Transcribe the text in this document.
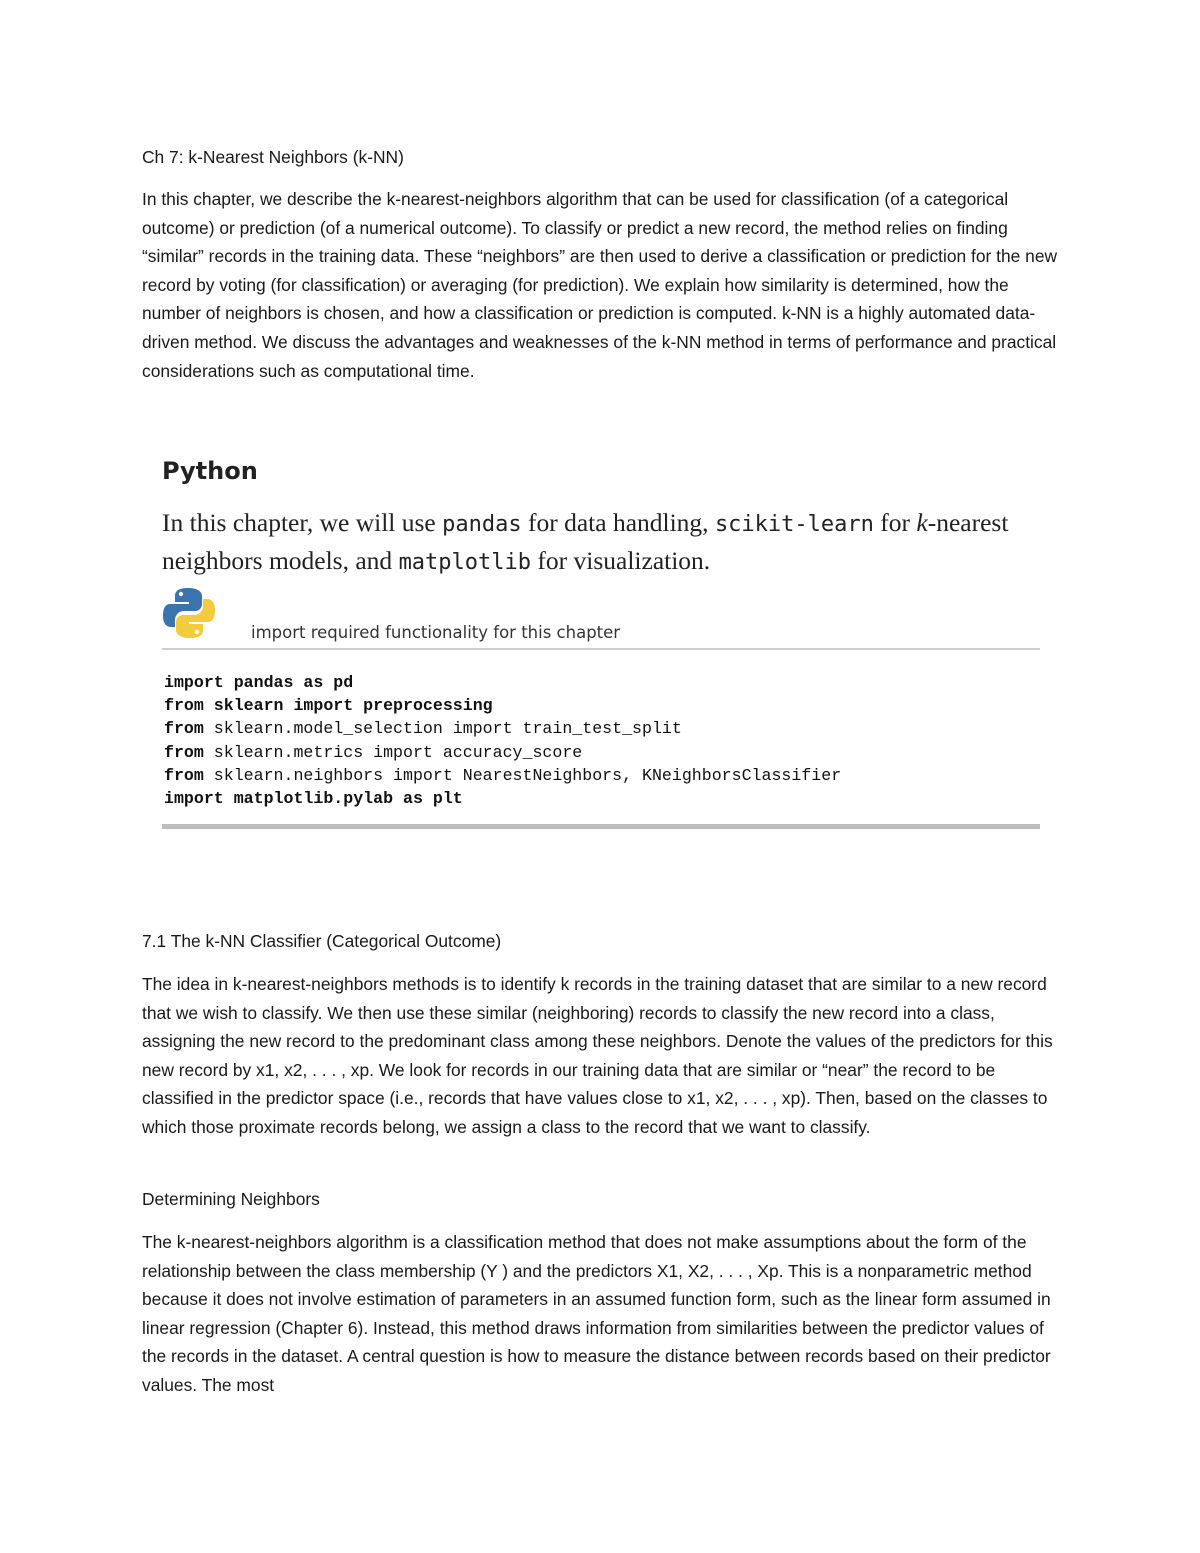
Ch 7: k-Nearest Neighbors (k-NN)

In this chapter, we describe the k-nearest-neighbors algorithm that can be used for classification (of a categorical outcome) or prediction (of a numerical outcome). To classify or predict a new record, the method relies on finding “similar” records in the training data. These “neighbors” are then used to derive a classification or prediction for the new record by voting (for classification) or averaging (for prediction). We explain how similarity is determined, how the number of neighbors is chosen, and how a classification or prediction is computed. k-NN is a highly automated data-driven method. We discuss the advantages and weaknesses of the k-NN method in terms of performance and practical considerations such as computational time.

Python

In this chapter, we will use pandas for data handling, scikit-learn for k-nearest neighbors models, and matplotlib for visualization.

import required functionality for this chapter

import pandas as pd
from sklearn import preprocessing
from sklearn.model_selection import train_test_split
from sklearn.metrics import accuracy_score
from sklearn.neighbors import NearestNeighbors, KNeighborsClassifier
import matplotlib.pylab as plt

7.1 The k-NN Classifier (Categorical Outcome)

The idea in k-nearest-neighbors methods is to identify k records in the training dataset that are similar to a new record that we wish to classify. We then use these similar (neighboring) records to classify the new record into a class, assigning the new record to the predominant class among these neighbors. Denote the values of the predictors for this new record by x1, x2, . . . , xp. We look for records in our training data that are similar or “near” the record to be classified in the predictor space (i.e., records that have values close to x1, x2, . . . , xp). Then, based on the classes to which those proximate records belong, we assign a class to the record that we want to classify.

Determining Neighbors

The k-nearest-neighbors algorithm is a classification method that does not make assumptions about the form of the relationship between the class membership (Y ) and the predictors X1, X2, . . . , Xp. This is a nonparametric method because it does not involve estimation of parameters in an assumed function form, such as the linear form assumed in linear regression (Chapter 6). Instead, this method draws information from similarities between the predictor values of the records in the dataset. A central question is how to measure the distance between records based on their predictor values. The most
